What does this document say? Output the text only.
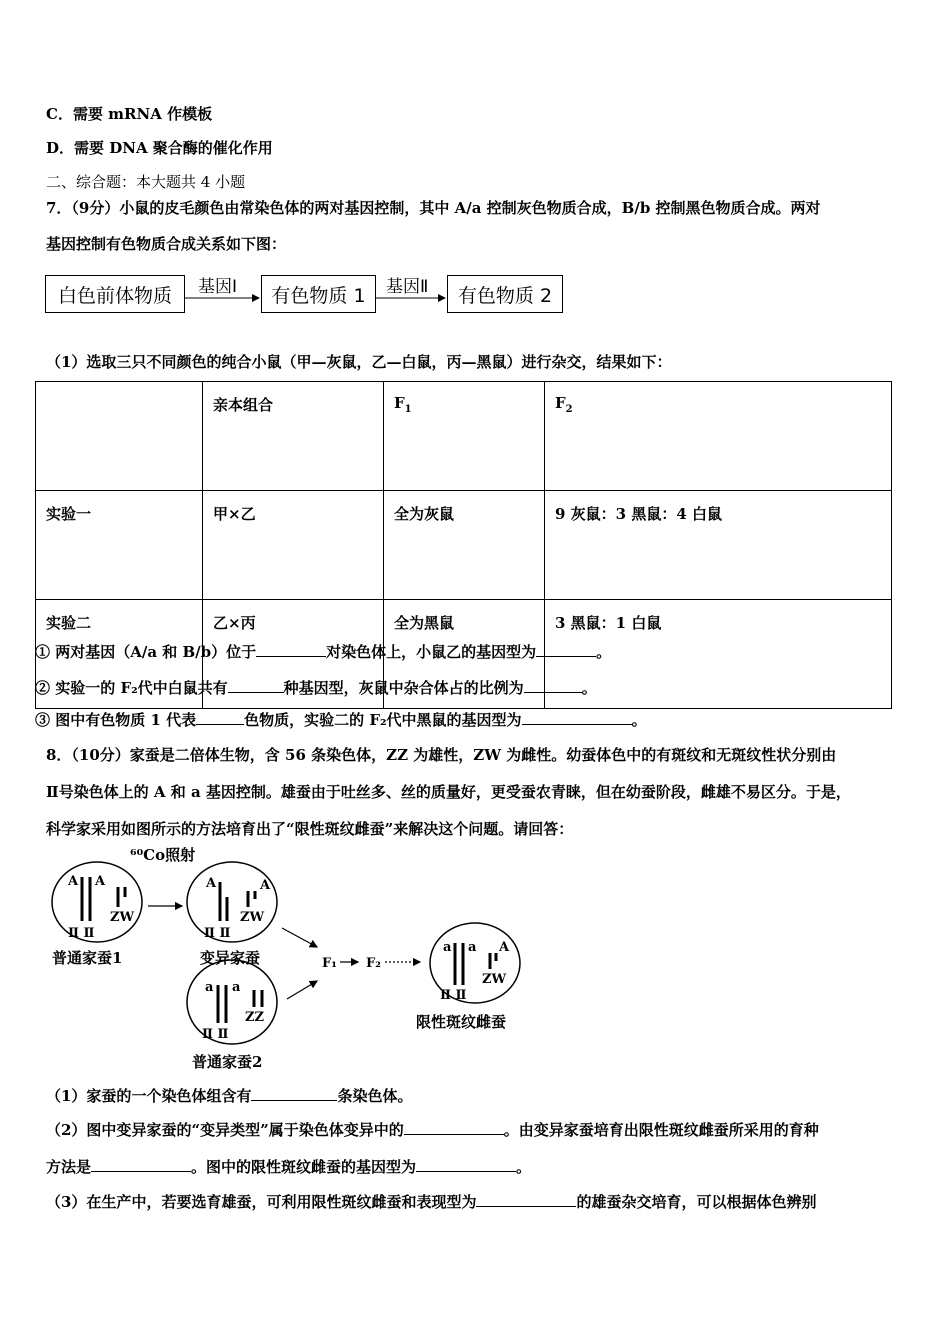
C．需要 mRNA 作模板
D．需要 DNA 聚合酶的催化作用
二、综合题：本大题共 4 小题
7．（9分）小鼠的皮毛颜色由常染色体的两对基因控制，其中 A/a 控制灰色物质合成，B/b 控制黑色物质合成。两对
基因控制有色物质合成关系如下图：
白色前体物质	有色物质 1	有色物质 2
基因Ⅰ	基因Ⅱ
（1）选取三只不同颜色的纯合小鼠（甲—灰鼠，乙—白鼠，丙—黑鼠）进行杂交，结果如下：
	亲本组合	$F_1$	$F_2$
实验一	甲×乙	全为灰鼠	9 灰鼠：3 黑鼠：4 白鼠
实验二	乙×丙	全为黑鼠	3 黑鼠：1 白鼠
① 两对基因（A/a 和 B/b）位于	对染色体上，小鼠乙的基因型为	。
② 实验一的 F₂代中白鼠共有	种基因型，灰鼠中杂合体占的比例为	。
③ 图中有色物质 1 代表	色物质，实验二的 F₂代中黑鼠的基因型为	。
8．（10分）家蚕是二倍体生物，含 56 条染色体，ZZ 为雄性，ZW 为雌性。幼蚕体色中的有斑纹和无斑纹性状分别由
Ⅱ号染色体上的 A 和 a 基因控制。雄蚕由于吐丝多、丝的质量好，更受蚕农青睐，但在幼蚕阶段，雌雄不易区分。于是，
科学家采用如图所示的方法培育出了“限性斑纹雌蚕”来解决这个问题。请回答：
A A
Ⅱ Ⅱ
ZW
A	A
Ⅱ Ⅱ
ZW
a a
Ⅱ Ⅱ
ZZ
a a A
Ⅱ Ⅱ
ZW
F₁ F₂
⁶⁰Co照射
普通家蚕1	变异家蚕
普通家蚕2
限性斑纹雌蚕
（1）家蚕的一个染色体组含有	条染色体。
（2）图中变异家蚕的“变异类型”属于染色体变异中的	。由变异家蚕培育出限性斑纹雌蚕所采用的育种
方法是	。图中的限性斑纹雌蚕的基因型为	。
（3）在生产中，若要选育雄蚕，可利用限性斑纹雌蚕和表现型为	的雄蚕杂交培育，可以根据体色辨别
